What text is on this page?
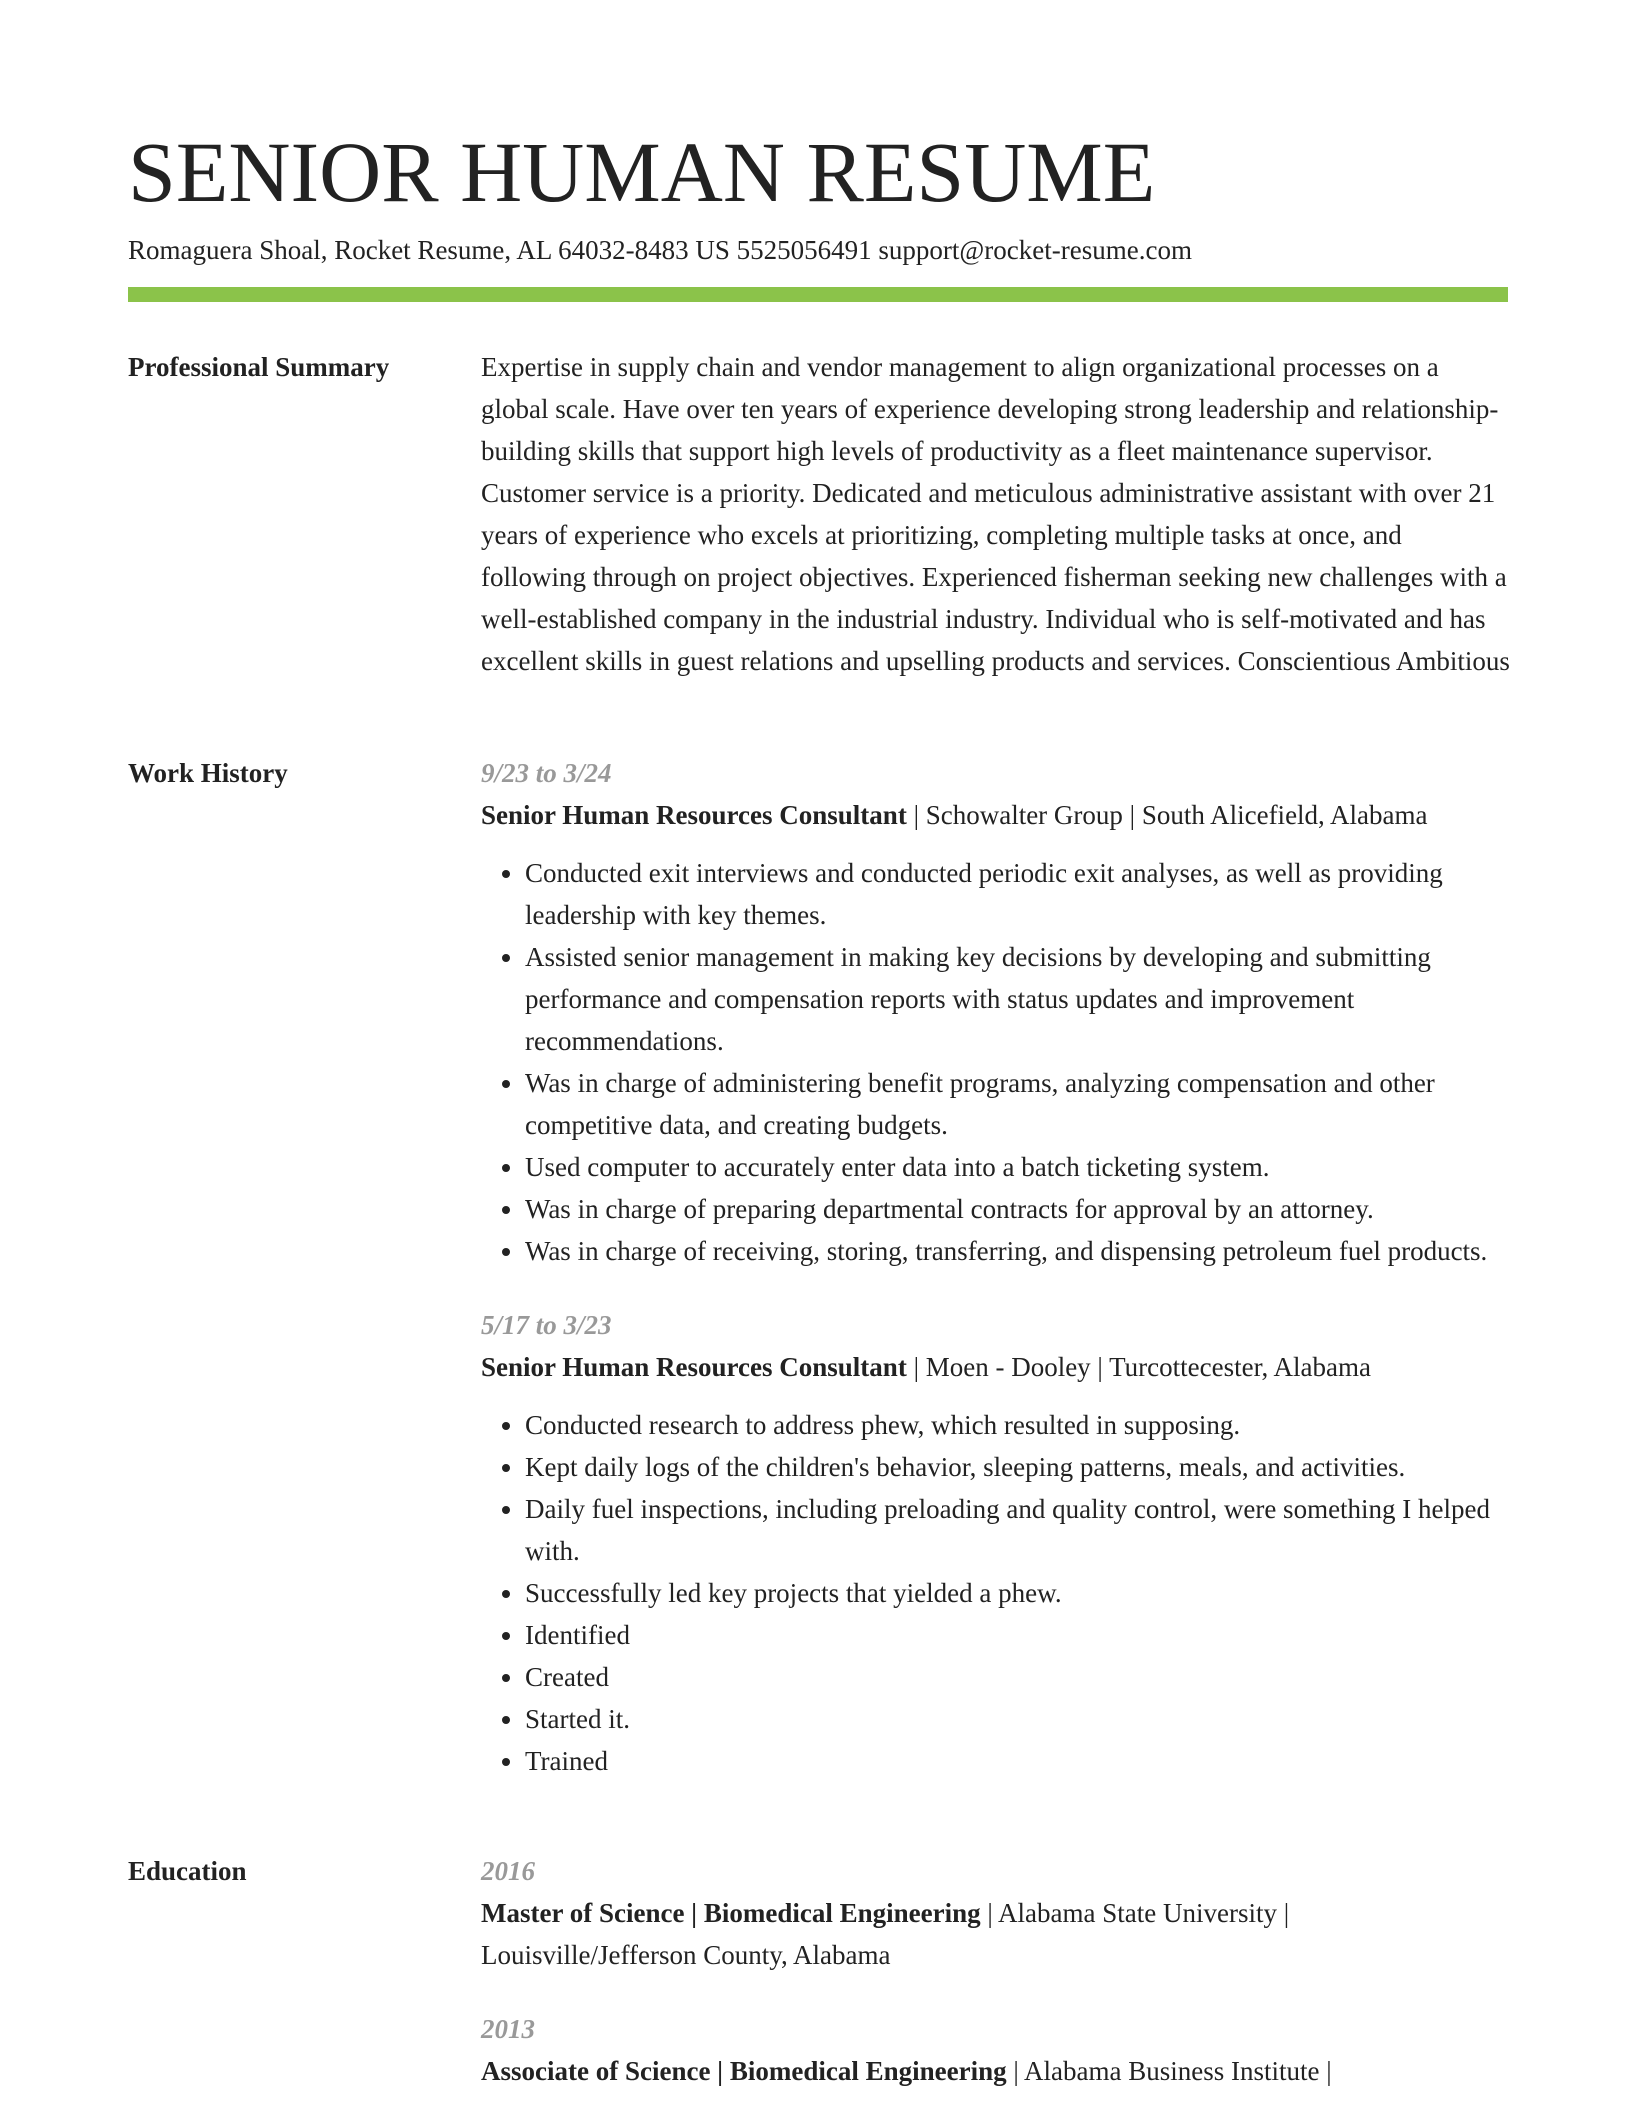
SENIOR HUMAN RESUME
Romaguera Shoal, Rocket Resume, AL 64032-8483 US 5525056491 support@rocket-resume.com
Professional Summary	Expertise in supply chain and vendor management to align organizational processes on a global scale. Have over ten years of experience developing strong leadership and relationship-building skills that support high levels of productivity as a fleet maintenance supervisor. Customer service is a priority. Dedicated and meticulous administrative assistant with over 21 years of experience who excels at prioritizing, completing multiple tasks at once, and following through on project objectives. Experienced fisherman seeking new challenges with a well-established company in the industrial industry. Individual who is self-motivated and has excellent skills in guest relations and upselling products and services. Conscientious Ambitious

Work History	9/23 to 3/24

Senior Human Resources Consultant | Schowalter Group | South Alicefield, Alabama

• Conducted exit interviews and conducted periodic exit analyses, as well as providing leadership with key themes.
• Assisted senior management in making key decisions by developing and submitting performance and compensation reports with status updates and improvement recommendations.
• Was in charge of administering benefit programs, analyzing compensation and other competitive data, and creating budgets.
• Used computer to accurately enter data into a batch ticketing system.
• Was in charge of preparing departmental contracts for approval by an attorney.
• Was in charge of receiving, storing, transferring, and dispensing petroleum fuel products.

5/17 to 3/23

Senior Human Resources Consultant | Moen - Dooley | Turcottecester, Alabama

• Conducted research to address phew, which resulted in supposing.
• Kept daily logs of the children's behavior, sleeping patterns, meals, and activities.
• Daily fuel inspections, including preloading and quality control, were something I helped with.
• Successfully led key projects that yielded a phew.
• Identified
• Created
• Started it.
• Trained
Education	2016

Master of Science | Biomedical Engineering | Alabama State University | Louisville/Jefferson County, Alabama

2013

Associate of Science | Biomedical Engineering | Alabama Business Institute |
